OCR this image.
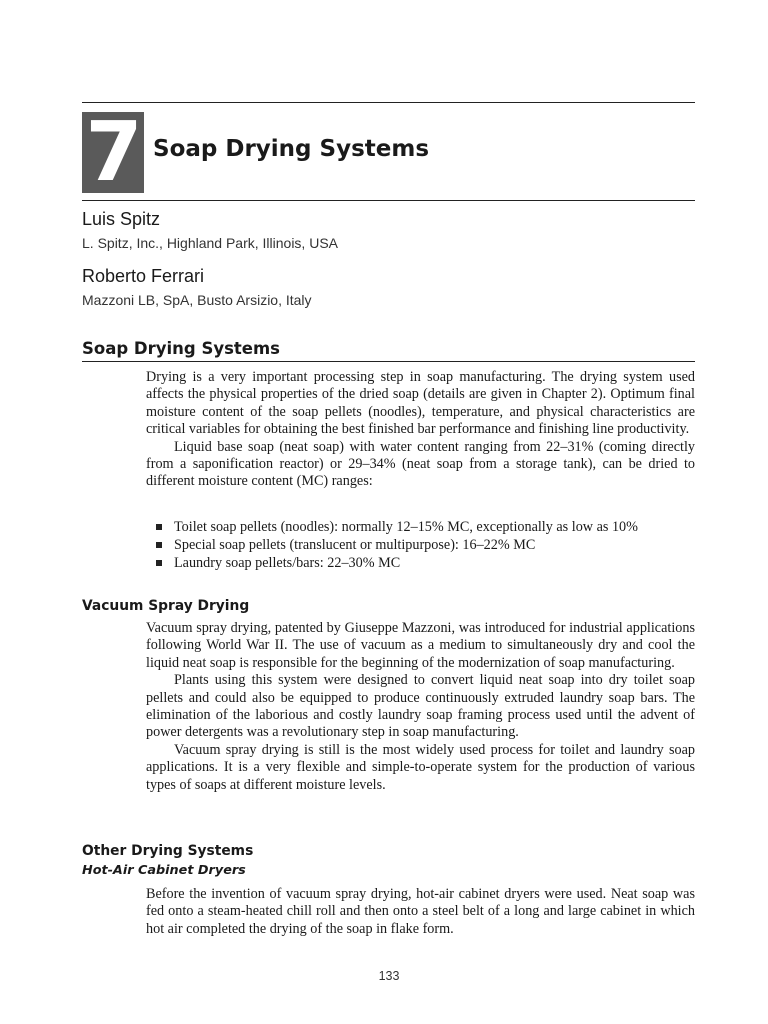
7 Soap Drying Systems
Luis Spitz
L. Spitz, Inc., Highland Park, Illinois, USA
Roberto Ferrari
Mazzoni LB, SpA, Busto Arsizio, Italy
Soap Drying Systems
Drying is a very important processing step in soap manufacturing. The drying system used affects the physical properties of the dried soap (details are given in Chapter 2). Optimum final moisture content of the soap pellets (noodles), temperature, and physical characteristics are critical variables for obtaining the best finished bar performance and finishing line productivity.
Liquid base soap (neat soap) with water content ranging from 22–31% (coming directly from a saponification reactor) or 29–34% (neat soap from a storage tank), can be dried to different moisture content (MC) ranges:
Toilet soap pellets (noodles): normally 12–15% MC, exceptionally as low as 10%
Special soap pellets (translucent or multipurpose): 16–22% MC
Laundry soap pellets/bars: 22–30% MC
Vacuum Spray Drying
Vacuum spray drying, patented by Giuseppe Mazzoni, was introduced for industrial applications following World War II. The use of vacuum as a medium to simultaneously dry and cool the liquid neat soap is responsible for the beginning of the modernization of soap manufacturing.
Plants using this system were designed to convert liquid neat soap into dry toilet soap pellets and could also be equipped to produce continuously extruded laundry soap bars. The elimination of the laborious and costly laundry soap framing process used until the advent of power detergents was a revolutionary step in soap manufacturing.
Vacuum spray drying is still is the most widely used process for toilet and laundry soap applications. It is a very flexible and simple-to-operate system for the production of various types of soaps at different moisture levels.
Other Drying Systems
Hot-Air Cabinet Dryers
Before the invention of vacuum spray drying, hot-air cabinet dryers were used. Neat soap was fed onto a steam-heated chill roll and then onto a steel belt of a long and large cabinet in which hot air completed the drying of the soap in flake form.
133
